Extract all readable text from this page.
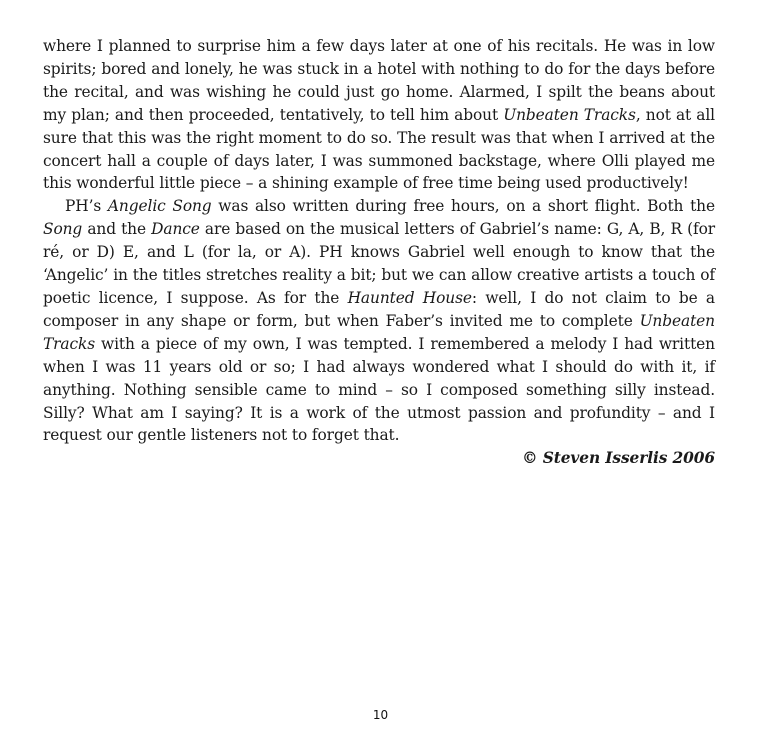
where I planned to surprise him a few days later at one of his recitals. He was in low spirits; bored and lonely, he was stuck in a hotel with nothing to do for the days before the recital, and was wishing he could just go home. Alarmed, I spilt the beans about my plan; and then proceeded, tentatively, to tell him about Unbeaten Tracks, not at all sure that this was the right moment to do so. The result was that when I arrived at the concert hall a couple of days later, I was summoned backstage, where Olli played me this wonderful little piece – a shining example of free time being used productively!

PH’s Angelic Song was also written during free hours, on a short flight. Both the Song and the Dance are based on the musical letters of Gabriel’s name: G, A, B, R (for ré, or D) E, and L (for la, or A). PH knows Gabriel well enough to know that the ‘Angelic’ in the titles stretches reality a bit; but we can allow creative artists a touch of poetic licence, I suppose. As for the Haunted House: well, I do not claim to be a composer in any shape or form, but when Faber’s invited me to complete Unbeaten Tracks with a piece of my own, I was tempted. I remembered a melody I had written when I was 11 years old or so; I had always wondered what I should do with it, if anything. Nothing sensible came to mind – so I composed something silly instead. Silly? What am I saying? It is a work of the utmost passion and profundity – and I request our gentle listeners not to forget that.

© Steven Isserlis 2006

10
